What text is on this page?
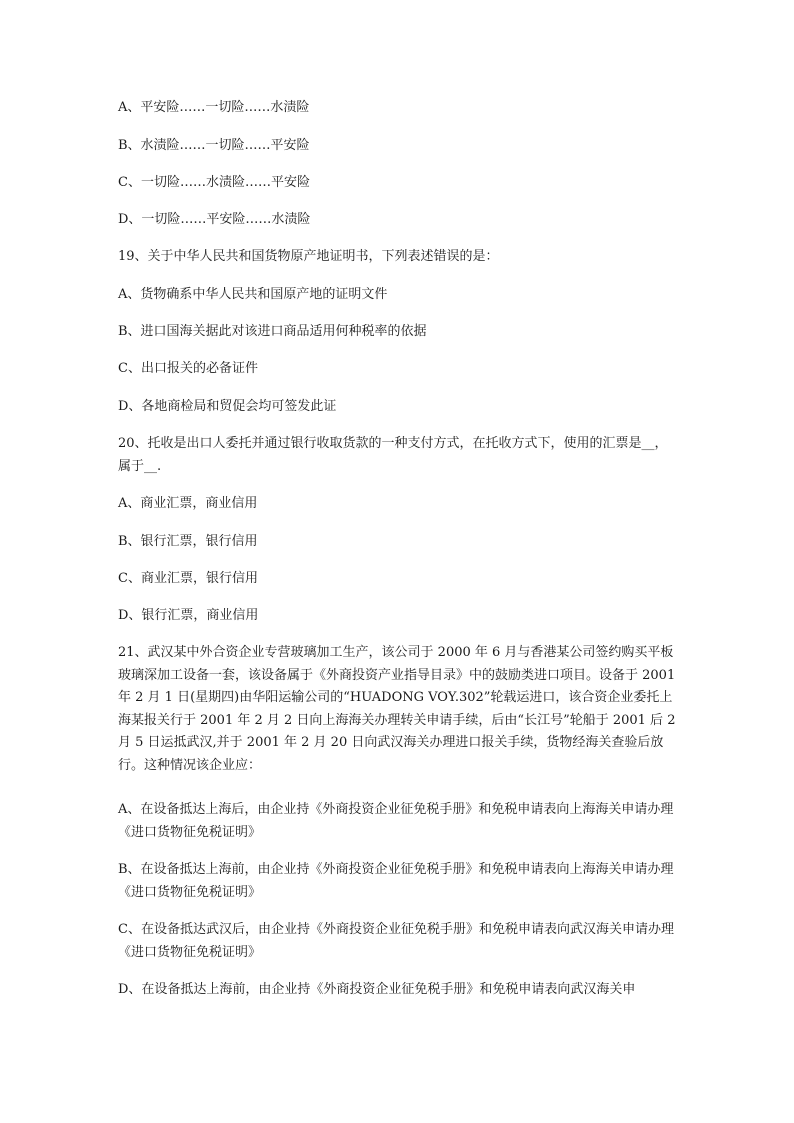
A、平安险……一切险……水渍险

B、水渍险……一切险……平安险

C、一切险……水渍险……平安险

D、一切险……平安险……水渍险

19、关于中华人民共和国货物原产地证明书，下列表述错误的是：

A、货物确系中华人民共和国原产地的证明文件

B、进口国海关据此对该进口商品适用何种税率的依据

C、出口报关的必备证件

D、各地商检局和贸促会均可签发此证

20、托收是出口人委托并通过银行收取货款的一种支付方式，在托收方式下，使用的汇票是__，属于__.

A、商业汇票，商业信用

B、银行汇票，银行信用

C、商业汇票，银行信用

D、银行汇票，商业信用

21、武汉某中外合资企业专营玻璃加工生产，该公司于 2000 年 6 月与香港某公司签约购买平板玻璃深加工设备一套，该设备属于《外商投资产业指导目录》中的鼓励类进口项目。设备于 2001 年 2 月 1 日(星期四)由华阳运输公司的“HUADONG VOY.302”轮载运进口，该合资企业委托上海某报关行于 2001 年 2 月 2 日向上海海关办理转关申请手续，后由“长江号”轮船于 2001 后 2 月 5 日运抵武汉,并于 2001 年 2 月 20 日向武汉海关办理进口报关手续，货物经海关查验后放行。这种情况该企业应：

A、在设备抵达上海后，由企业持《外商投资企业征免税手册》和免税申请表向上海海关申请办理《进口货物征免税证明》

B、在设备抵达上海前，由企业持《外商投资企业征免税手册》和免税申请表向上海海关申请办理《进口货物征免税证明》

C、在设备抵达武汉后，由企业持《外商投资企业征免税手册》和免税申请表向武汉海关申请办理《进口货物征免税证明》

D、在设备抵达上海前，由企业持《外商投资企业征免税手册》和免税申请表向武汉海关申
